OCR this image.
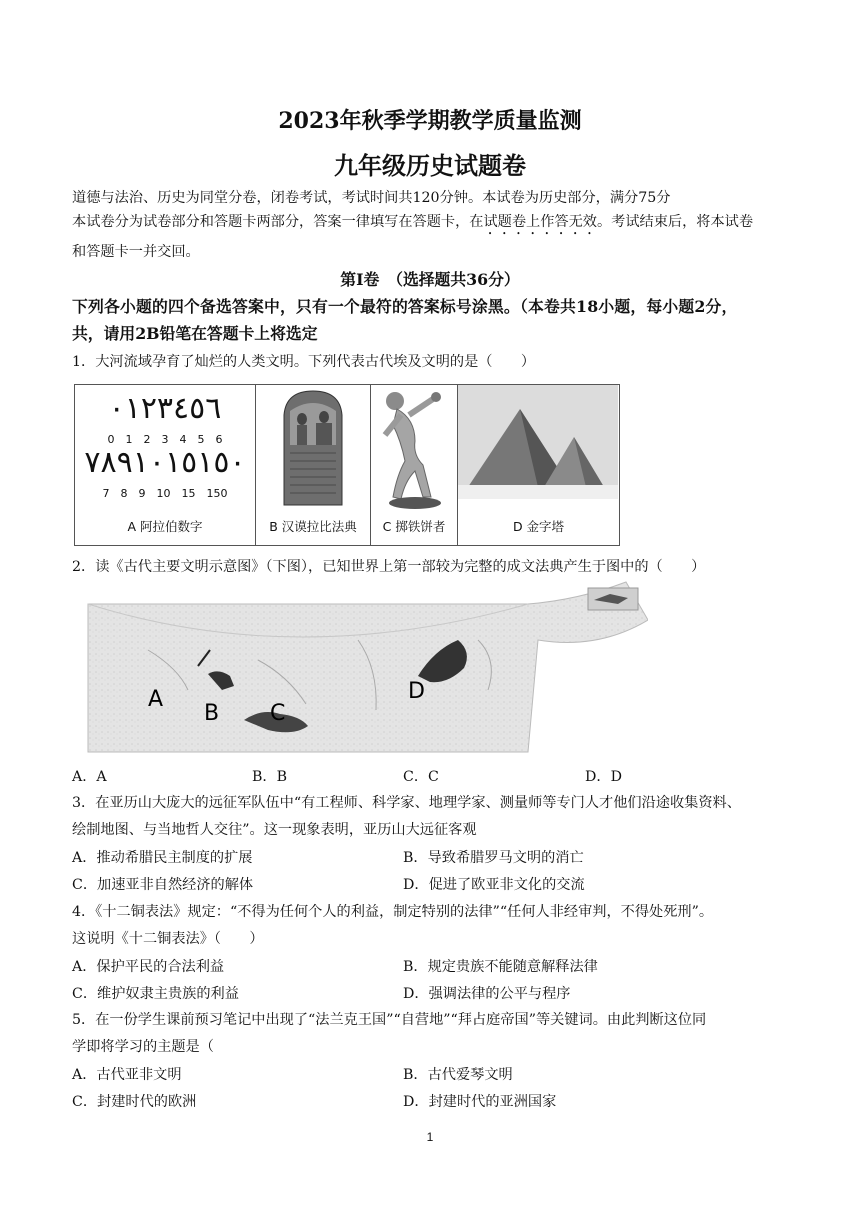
2023年秋季学期教学质量监测
九年级历史试题卷
道德与法治、历史为同堂分卷，闭卷考试，考试时间共120分钟。本试卷为历史部分，满分75分
本试卷分为试卷部分和答题卡两部分，答案一律填写在答题卡，在试题卷上作答无效。考试结束后，将本试卷
和答题卡一并交回。
第Ⅰ卷　（选择题共36分）
下列各小题的四个备选答案中，只有一个最符的答案标号涂黑。（本卷共18小题，每小题2分，
共，请用2B铅笔在答题卡上将选定
1．大河流域孕育了灿烂的人类文明。下列代表古代埃及文明的是（　　）
٠١٢٣٤٥٦
0　1　2　3　4　5　6
٧٨٩١٠١٥١٥٠
7　8　9　10　15　150
A 阿拉伯数字	B 汉谟拉比法典	C 掷铁饼者	D 金字塔
2．读《古代主要文明示意图》（下图），已知世界上第一部较为完整的成文法典产生于图中的（　　）
A
B C
D
A．A	B．B	C．C	D．D
3．在亚历山大庞大的远征军队伍中“有工程师、科学家、地理学家、测量师等专门人才他们沿途收集资料、
绘制地图、与当地哲人交往”。这一现象表明，亚历山大远征客观
A．推动希腊民主制度的扩展	B．导致希腊罗马文明的消亡
C．加速亚非自然经济的解体	D．促进了欧亚非文化的交流
4．《十二铜表法》规定：“不得为任何个人的利益，制定特别的法律”“任何人非经审判，不得处死刑”。
这说明《十二铜表法》（　　）
A．保护平民的合法利益	B．规定贵族不能随意解释法律
C．维护奴隶主贵族的利益	D．强调法律的公平与程序
5．在一份学生课前预习笔记中出现了“法兰克王国”“自营地”“拜占庭帝国”等关键词。由此判断这位同
学即将学习的主题是（
A．古代亚非文明	B．古代爱琴文明
C．封建时代的欧洲	D．封建时代的亚洲国家
1
